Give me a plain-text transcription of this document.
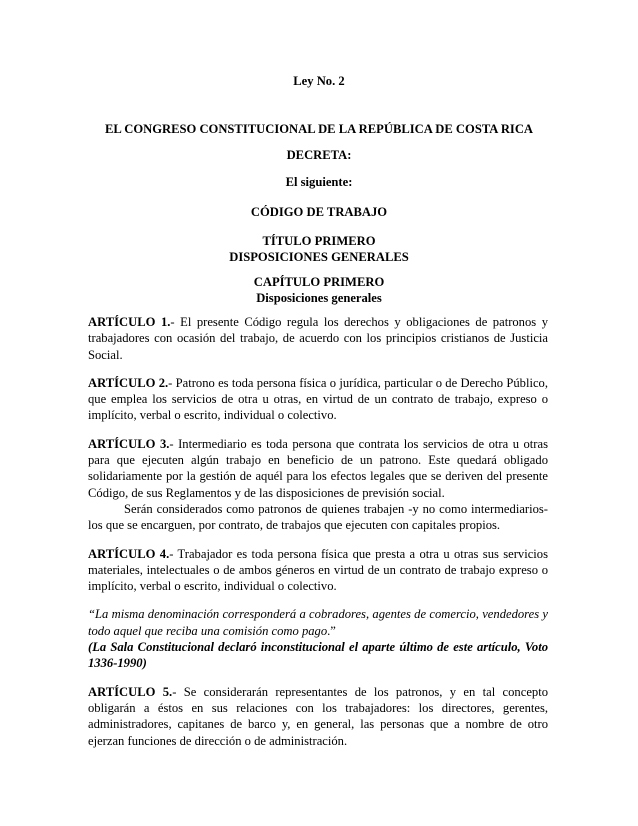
Ley No. 2
EL CONGRESO CONSTITUCIONAL DE LA REPÚBLICA DE COSTA RICA
DECRETA:
El siguiente:
CÓDIGO DE TRABAJO
TÍTULO PRIMERO
DISPOSICIONES GENERALES
CAPÍTULO PRIMERO
Disposiciones generales

ARTÍCULO 1.- El presente Código regula los derechos y obligaciones de patronos y trabajadores con ocasión del trabajo, de acuerdo con los principios cristianos de Justicia Social.

ARTÍCULO 2.- Patrono es toda persona física o jurídica, particular o de Derecho Público, que emplea los servicios de otra u otras, en virtud de un contrato de trabajo, expreso o implícito, verbal o escrito, individual o colectivo.

ARTÍCULO 3.- Intermediario es toda persona que contrata los servicios de otra u otras para que ejecuten algún trabajo en beneficio de un patrono. Este quedará obligado solidariamente por la gestión de aquél para los efectos legales que se deriven del presente Código, de sus Reglamentos y de las disposiciones de previsión social.

Serán considerados como patronos de quienes trabajen -y no como intermediarios- los que se encarguen, por contrato, de trabajos que ejecuten con capitales propios.

ARTÍCULO 4.- Trabajador es toda persona física que presta a otra u otras sus servicios materiales, intelectuales o de ambos géneros en virtud de un contrato de trabajo expreso o implícito, verbal o escrito, individual o colectivo.

“La misma denominación corresponderá a cobradores, agentes de comercio, vendedores y todo aquel que reciba una comisión como pago.”

(La Sala Constitucional declaró inconstitucional el aparte último de este artículo, Voto 1336-1990)

ARTÍCULO 5.- Se considerarán representantes de los patronos, y en tal concepto obligarán a éstos en sus relaciones con los trabajadores: los directores, gerentes, administradores, capitanes de barco y, en general, las personas que a nombre de otro ejerzan funciones de dirección o de administración.
